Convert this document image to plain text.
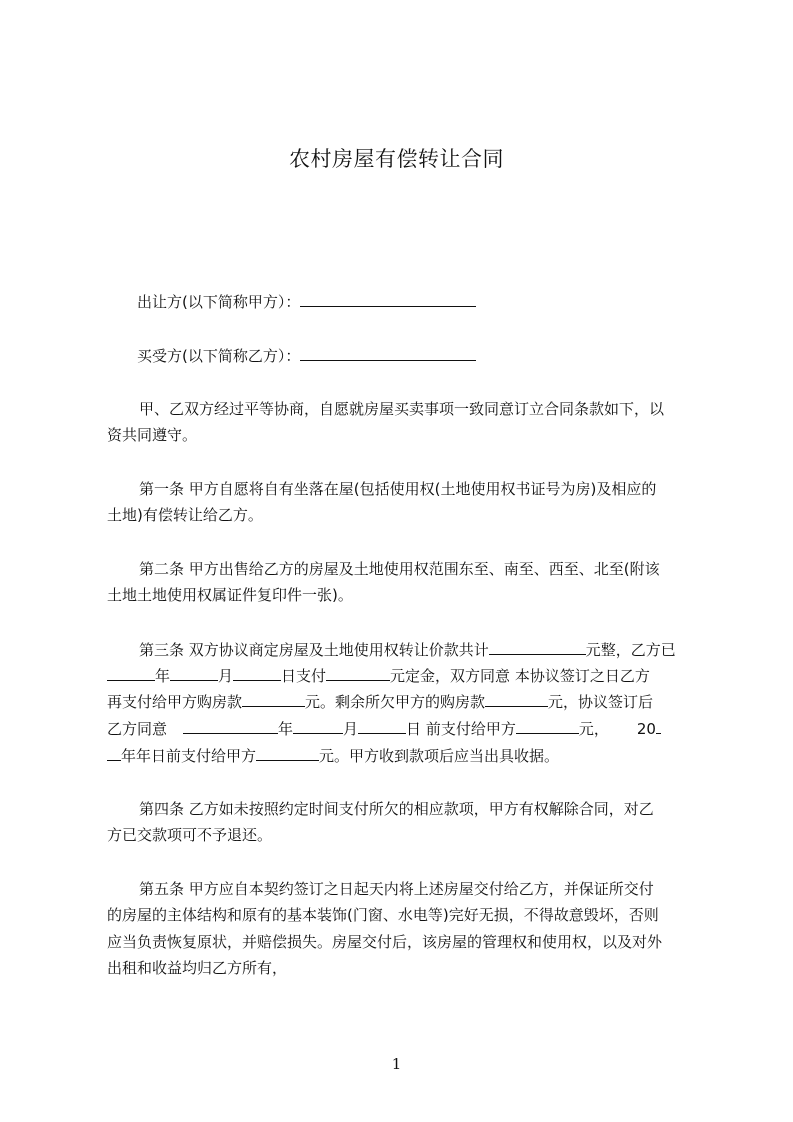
农村房屋有偿转让合同
出让方(以下简称甲方）：
买受方(以下简称乙方）：
甲、乙双方经过平等协商，自愿就房屋买卖事项一致同意订立合同条款如下，以
资共同遵守。
第一条 甲方自愿将自有坐落在屋(包括使用权(土地使用权书证号为房)及相应的
土地)有偿转让给乙方。
第二条 甲方出售给乙方的房屋及土地使用权范围东至、南至、西至、北至(附该
土地土地使用权属证件复印件一张)。
第三条 双方协议商定房屋及土地使用权转让价款共计	元整，乙方已
年	月	日支付	元定金，双方同意 本协议签订之日乙方
再支付给甲方购房款	元。剩余所欠甲方的购房款	元，协议签订后
乙方同意	年	月	日 前支付给甲方	元， 20
年年日前支付给甲方	元。甲方收到款项后应当出具收据。
第四条 乙方如未按照约定时间支付所欠的相应款项，甲方有权解除合同，对乙
方已交款项可不予退还。
第五条 甲方应自本契约签订之日起天内将上述房屋交付给乙方，并保证所交付
的房屋的主体结构和原有的基本装饰(门窗、水电等)完好无损，不得故意毁坏，否则
应当负责恢复原状，并赔偿损失。房屋交付后，该房屋的管理权和使用权，以及对外
出租和收益均归乙方所有，
1
